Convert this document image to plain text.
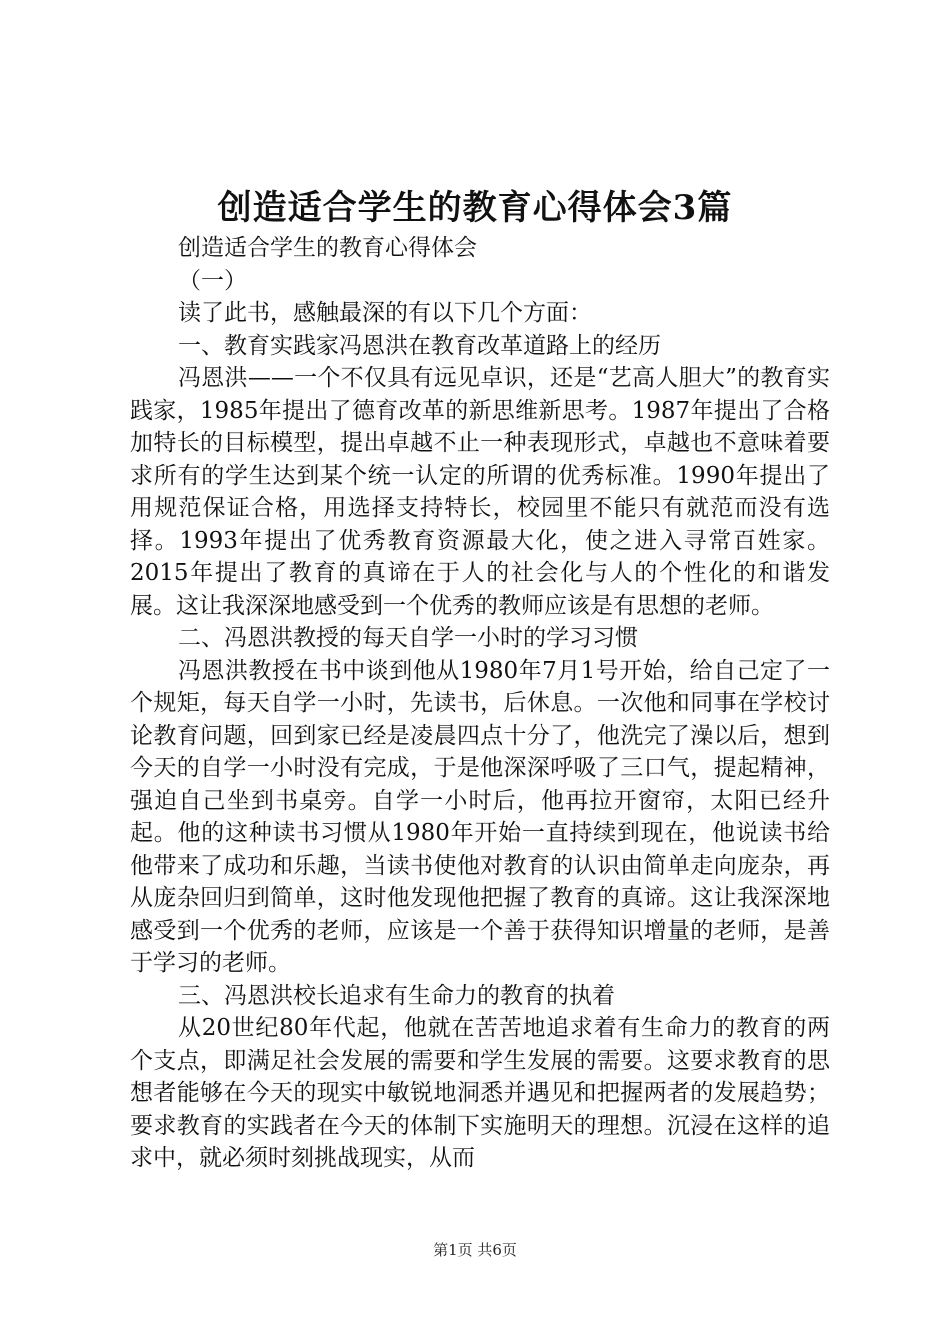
创造适合学生的教育心得体会3篇

创造适合学生的教育心得体会

（一）

读了此书，感触最深的有以下几个方面：

一、教育实践家冯恩洪在教育改革道路上的经历

冯恩洪——一个不仅具有远见卓识，还是“艺高人胆大”的教育实践家，1985年提出了德育改革的新思维新思考。1987年提出了合格加特长的目标模型，提出卓越不止一种表现形式，卓越也不意味着要求所有的学生达到某个统一认定的所谓的优秀标准。1990年提出了用规范保证合格，用选择支持特长，校园里不能只有就范而没有选择。1993年提出了优秀教育资源最大化，使之进入寻常百姓家。2015年提出了教育的真谛在于人的社会化与人的个性化的和谐发展。这让我深深地感受到一个优秀的教师应该是有思想的老师。

二、冯恩洪教授的每天自学一小时的学习习惯

冯恩洪教授在书中谈到他从1980年7月1号开始，给自己定了一个规矩，每天自学一小时，先读书，后休息。一次他和同事在学校讨论教育问题，回到家已经是凌晨四点十分了，他洗完了澡以后，想到今天的自学一小时没有完成，于是他深深呼吸了三口气，提起精神，强迫自己坐到书桌旁。自学一小时后，他再拉开窗帘，太阳已经升起。他的这种读书习惯从1980年开始一直持续到现在，他说读书给他带来了成功和乐趣，当读书使他对教育的认识由简单走向庞杂，再从庞杂回归到简单，这时他发现他把握了教育的真谛。这让我深深地感受到一个优秀的老师，应该是一个善于获得知识增量的老师，是善于学习的老师。

三、冯恩洪校长追求有生命力的教育的执着

从20世纪80年代起，他就在苦苦地追求着有生命力的教育的两个支点，即满足社会发展的需要和学生发展的需要。这要求教育的思想者能够在今天的现实中敏锐地洞悉并遇见和把握两者的发展趋势；要求教育的实践者在今天的体制下实施明天的理想。沉浸在这样的追求中，就必须时刻挑战现实，从而

第1页 共6页
